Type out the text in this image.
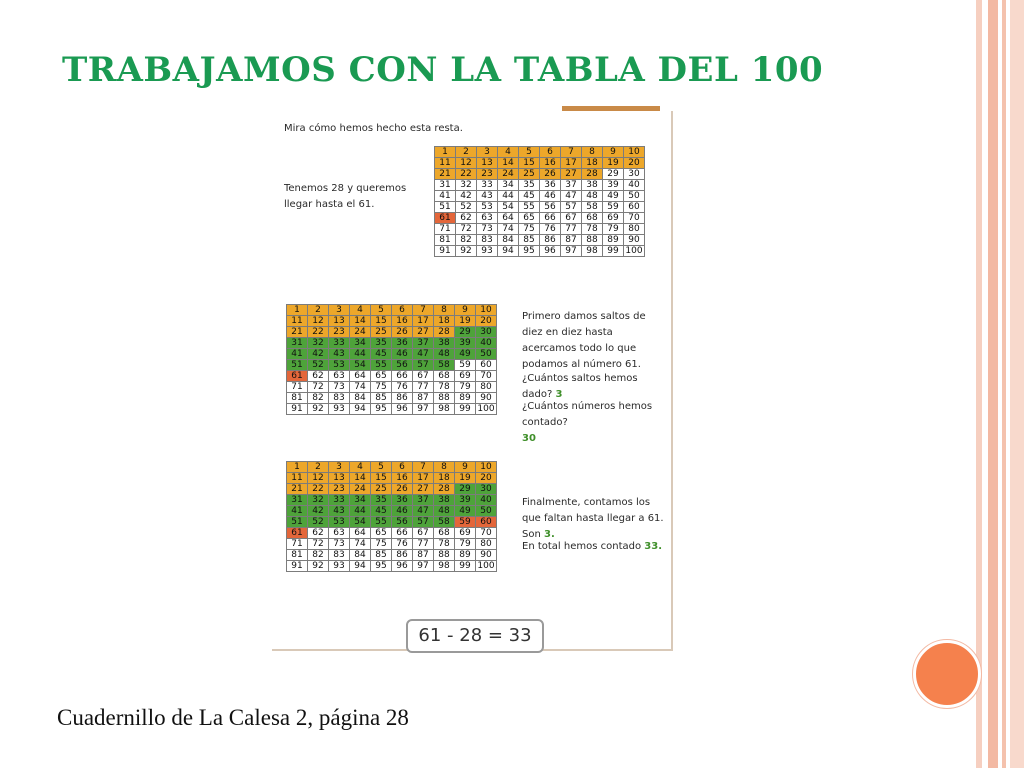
TRABAJAMOS CON LA TABLA DEL 100

Mira cómo hemos hecho esta resta.

Tenemos 28 y queremos llegar hasta el 61.

1	2	3	4	5	6	7	8	9	10
11	12	13	14	15	16	17	18	19	20
21	22	23	24	25	26	27	28	29	30
31	32	33	34	35	36	37	38	39	40
41	42	43	44	45	46	47	48	49	50
51	52	53	54	55	56	57	58	59	60
61	62	63	64	65	66	67	68	69	70
71	72	73	74	75	76	77	78	79	80
81	82	83	84	85	86	87	88	89	90
91	92	93	94	95	96	97	98	99	100
1	2	3	4	5	6	7	8	9	10
11	12	13	14	15	16	17	18	19	20
21	22	23	24	25	26	27	28	29	30
31	32	33	34	35	36	37	38	39	40
41	42	43	44	45	46	47	48	49	50
51	52	53	54	55	56	57	58	59	60
61	62	63	64	65	66	67	68	69	70
71	72	73	74	75	76	77	78	79	80
81	82	83	84	85	86	87	88	89	90
91	92	93	94	95	96	97	98	99	100
1	2	3	4	5	6	7	8	9	10
11	12	13	14	15	16	17	18	19	20
21	22	23	24	25	26	27	28	29	30
31	32	33	34	35	36	37	38	39	40
41	42	43	44	45	46	47	48	49	50
51	52	53	54	55	56	57	58	59	60
61	62	63	64	65	66	67	68	69	70
71	72	73	74	75	76	77	78	79	80
81	82	83	84	85	86	87	88	89	90
91	92	93	94	95	96	97	98	99	100

Primero damos saltos de diez en diez hasta acercamos todo lo que podamos al número 61.

¿Cuántos saltos hemos dado? 3

¿Cuántos números hemos contado?
30

Finalmente, contamos los que faltan hasta llegar a 61. Son 3.

En total hemos contado 33.

61 - 28 = 33

Cuadernillo de La Calesa 2, página 28
